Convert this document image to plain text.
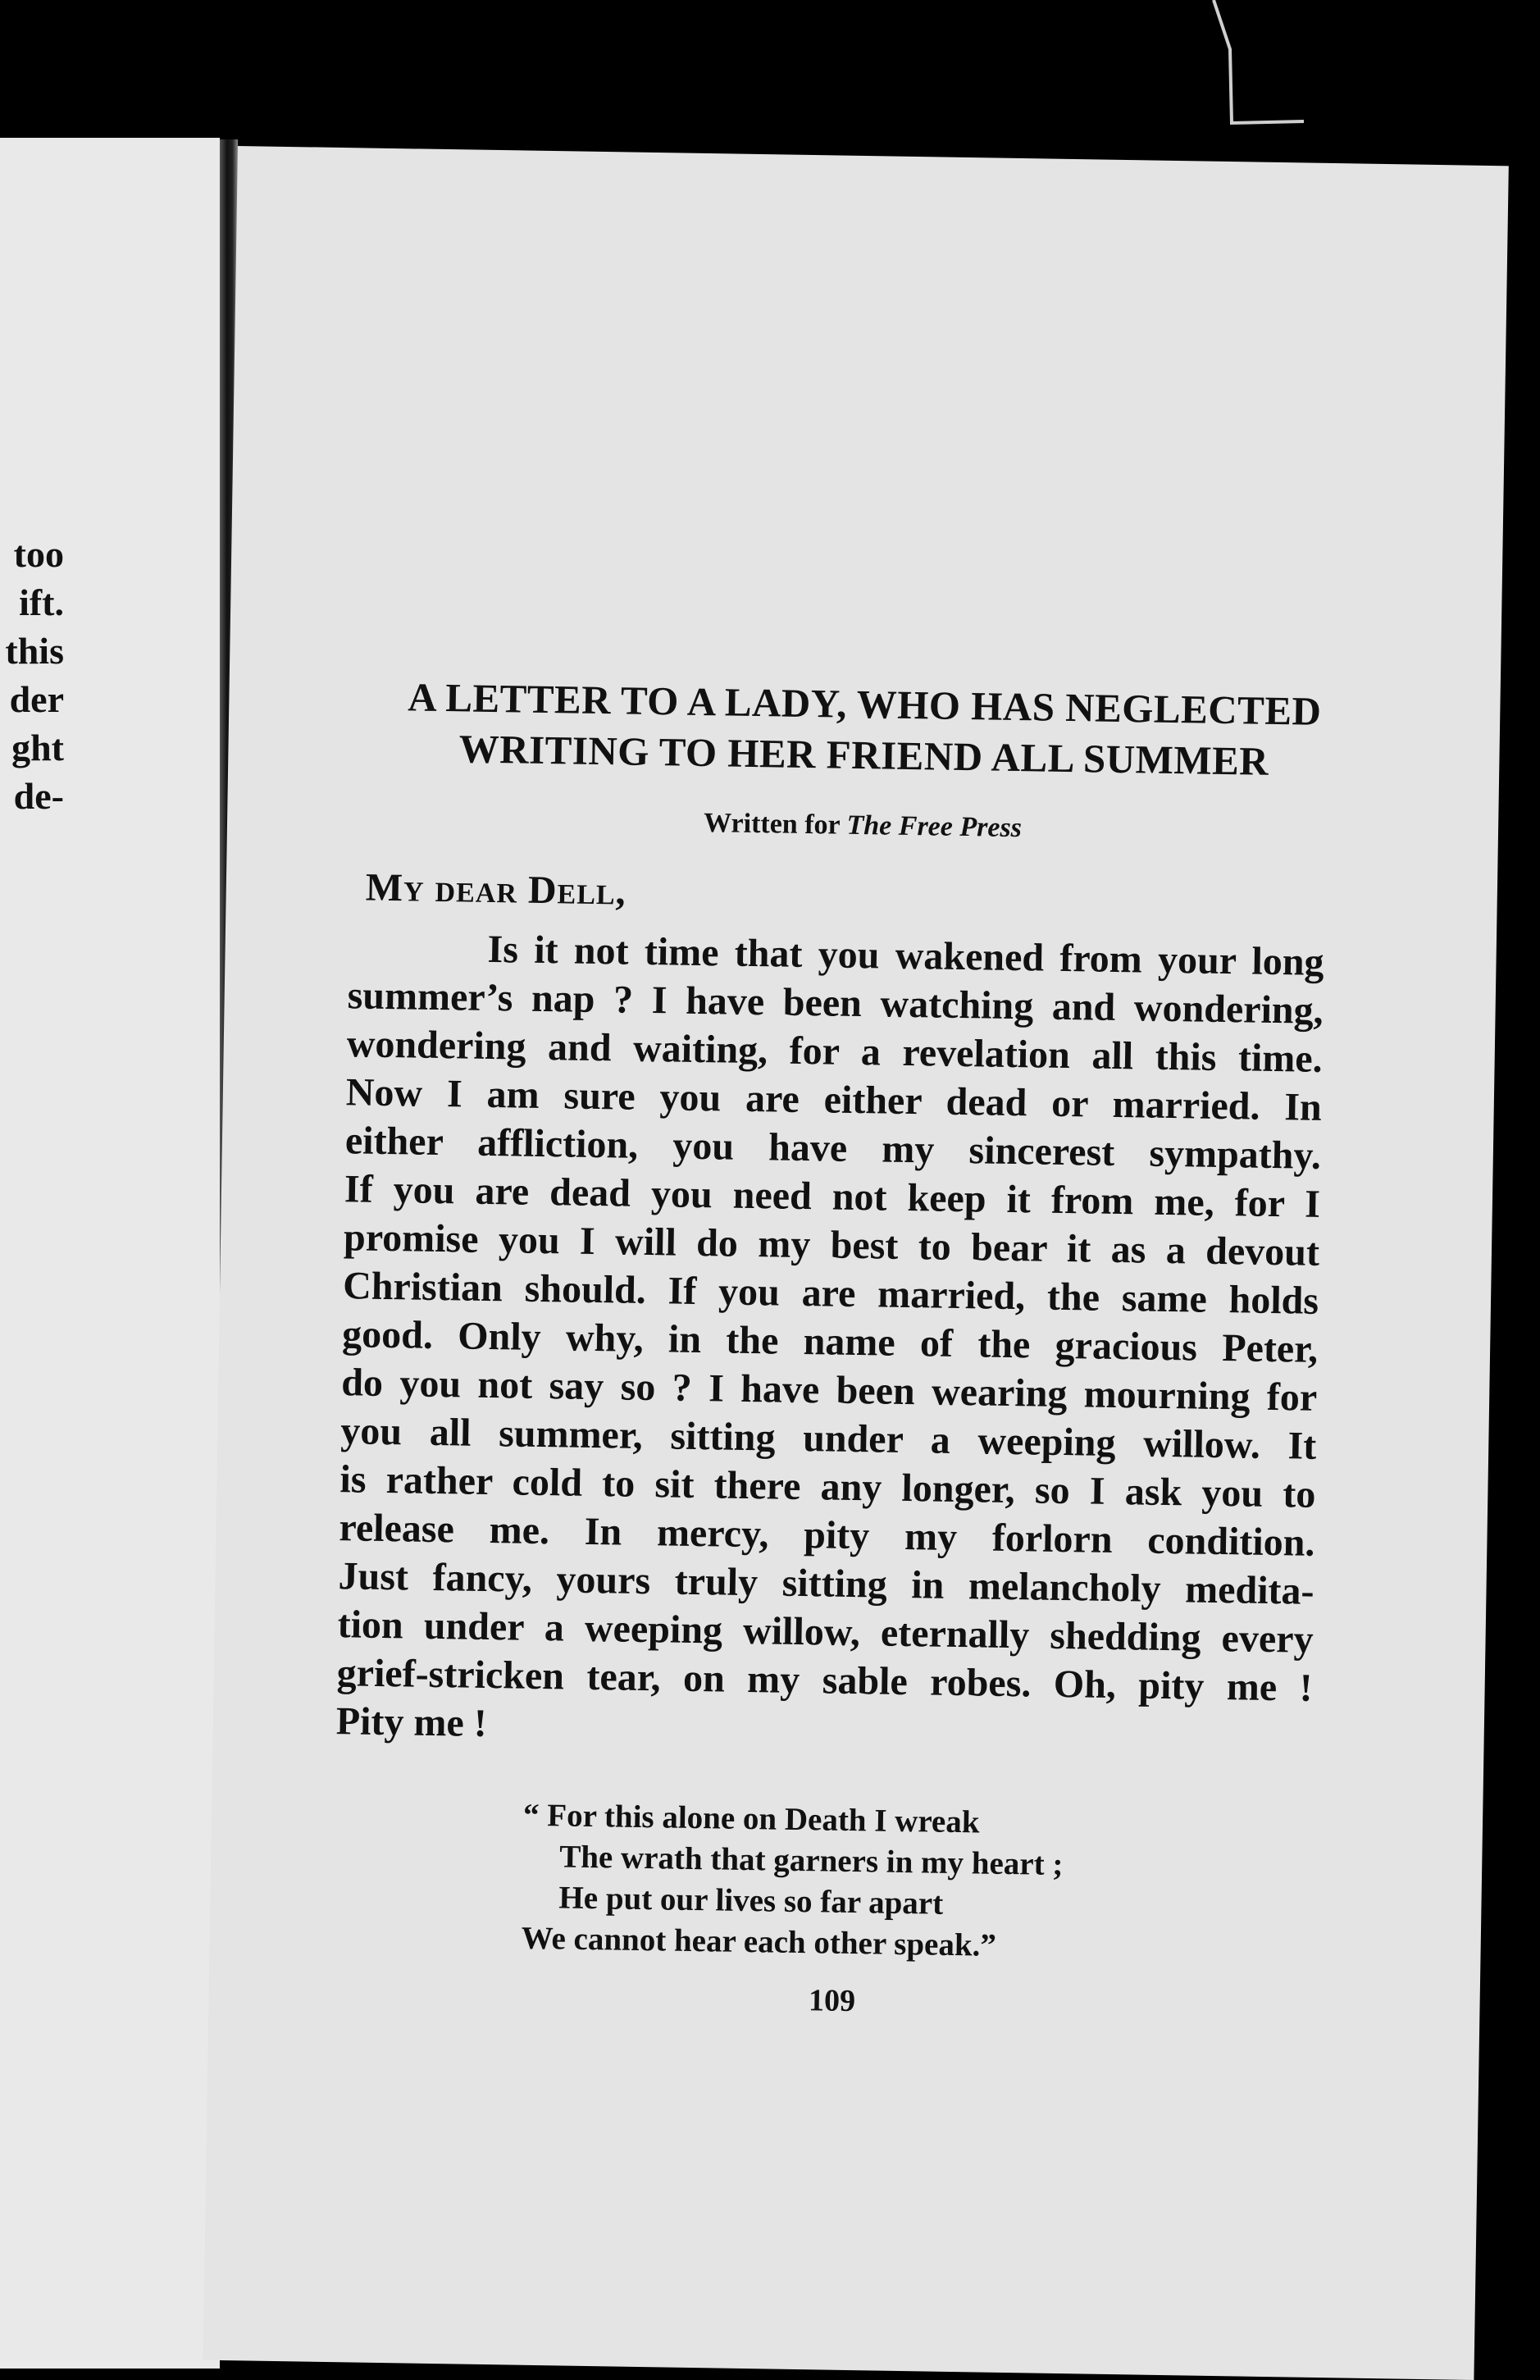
too
ift.
this
der
ght
de-
A LETTER TO A LADY, WHO HAS NEGLECTED
WRITING TO HER FRIEND ALL SUMMER
Written for The Free Press
My dear Dell,
Is it not time that you wakened from your long
summer’s nap ? I have been watching and wondering,
wondering and waiting, for a revelation all this time.
Now I am sure you are either dead or married. In
either affliction, you have my sincerest sympathy.
If you are dead you need not keep it from me, for I
promise you I will do my best to bear it as a devout
Christian should. If you are married, the same holds
good. Only why, in the name of the gracious Peter,
do you not say so ? I have been wearing mourning for
you all summer, sitting under a weeping willow. It
is rather cold to sit there any longer, so I ask you to
release me. In mercy, pity my forlorn condition.
Just fancy, yours truly sitting in melancholy medita-
tion under a weeping willow, eternally shedding every
grief-stricken tear, on my sable robes. Oh, pity me !
Pity me !
“ For this alone on Death I wreak
The wrath that garners in my heart ;
He put our lives so far apart
We cannot hear each other speak.”
109
